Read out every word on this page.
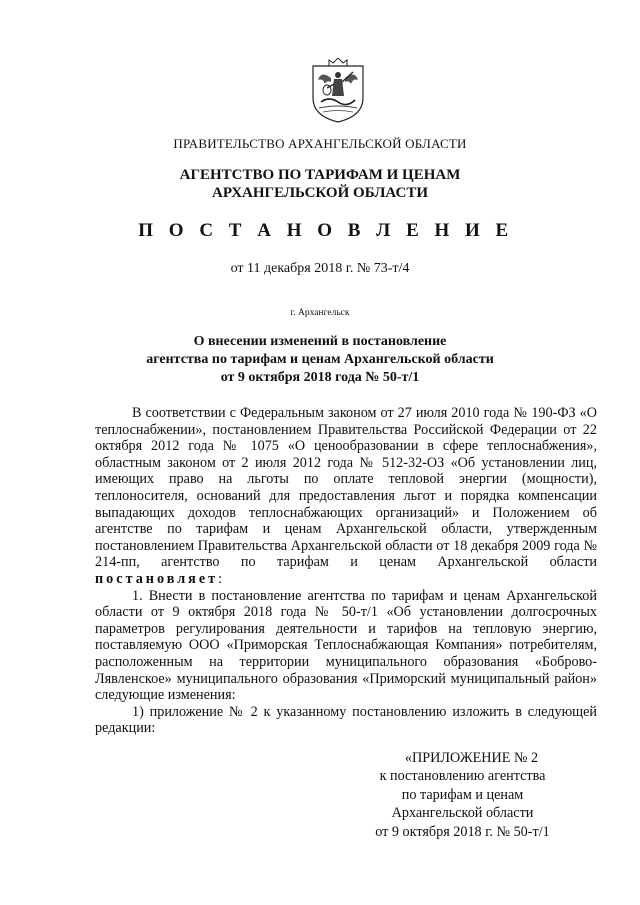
ПРАВИТЕЛЬСТВО АРХАНГЕЛЬСКОЙ ОБЛАСТИ
АГЕНТСТВО ПО ТАРИФАМ И ЦЕНАМ
АРХАНГЕЛЬСКОЙ ОБЛАСТИ
П О С Т А Н О В Л Е Н И Е
от 11 декабря 2018 г. № 73-т/4
г. Архангельск
О внесении изменений в постановление
агентства по тарифам и ценам Архангельской области
от 9 октября 2018 года № 50-т/1

В соответствии с Федеральным законом от 27 июля 2010 года № 190-ФЗ «О теплоснабжении», постановлением Правительства Российской Федерации от 22 октября 2012 года № 1075 «О ценообразовании в сфере теплоснабжения», областным законом от 2 июля 2012 года № 512-32-ОЗ «Об установлении лиц, имеющих право на льготы по оплате тепловой энергии (мощности), теплоносителя, оснований для предоставления льгот и порядка компенсации выпадающих доходов теплоснабжающих организаций» и Положением об агентстве по тарифам и ценам Архангельской области, утвержденным постановлением Правительства Архангельской области от 18 декабря 2009 года № 214-пп, агентство по тарифам и ценам Архангельской области постановляет:

1. Внести в постановление агентства по тарифам и ценам Архангельской области от 9 октября 2018 года № 50-т/1 «Об установлении долгосрочных параметров регулирования деятельности и тарифов на тепловую энергию, поставляемую ООО «Приморская Теплоснабжающая Компания» потребителям, расположенным на территории муниципального образования «Боброво-Лявленское» муниципального образования «Приморский муниципальный район» следующие изменения:

1) приложение № 2 к указанному постановлению изложить в следующей редакции:

«ПРИЛОЖЕНИЕ № 2
к постановлению агентства
по тарифам и ценам
Архангельской области
от 9 октября 2018 г. № 50-т/1
